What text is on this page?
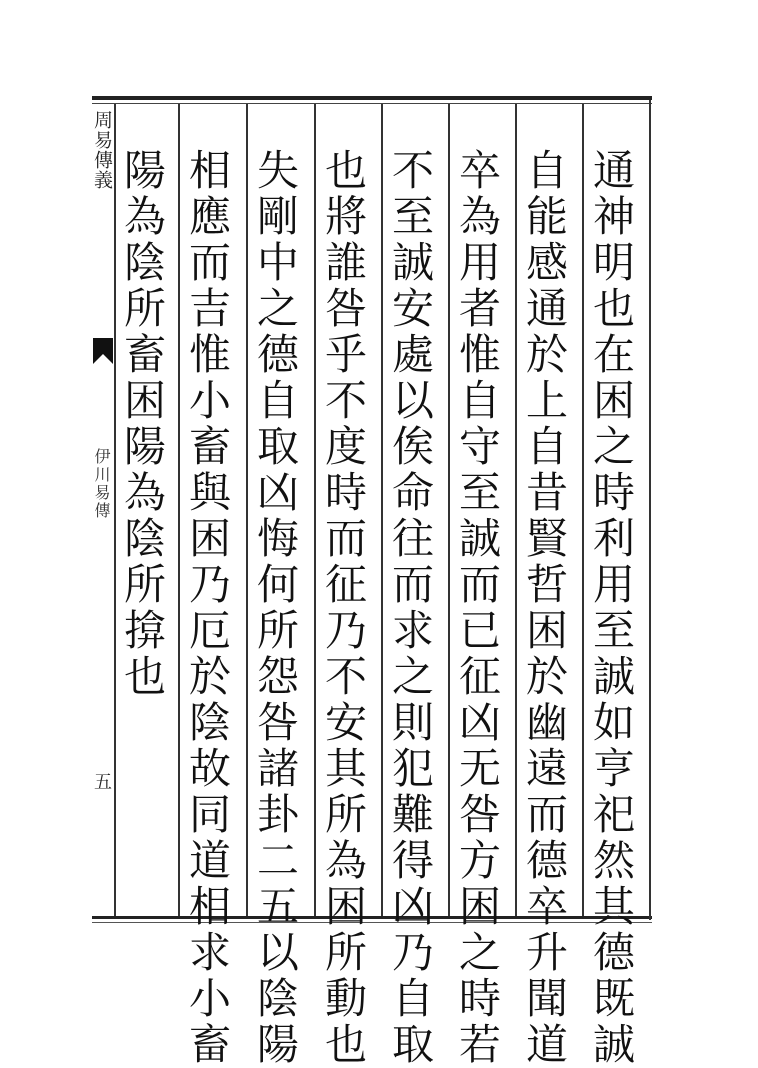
周易傳義
伊川易傳
五	通神明也在困之時利用至誠如亨祀然其德既誠
自能感通於上自昔賢哲困於幽遠而德卒升聞道
卒為用者惟自守至誠而已征凶无咎方困之時若
不至誠安處以俟命往而求之則犯難得凶乃自取
也將誰咎乎不度時而征乃不安其所為困所動也
失剛中之德自取凶悔何所怨咎諸卦二五以陰陽
相應而吉惟小畜與困乃厄於陰故同道相求小畜
陽為陰所畜困陽為陰所揜也
